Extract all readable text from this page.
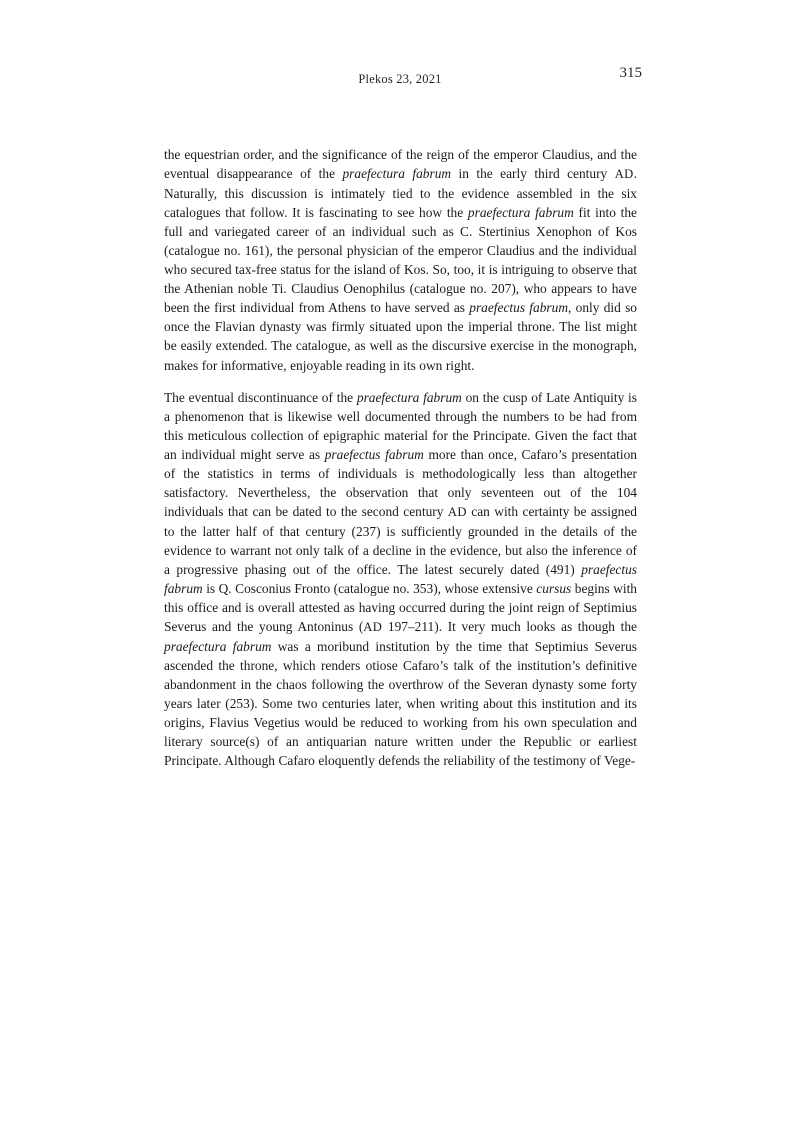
Plekos 23, 2021	315

the equestrian order, and the significance of the reign of the emperor Claudius, and the eventual disappearance of the praefectura fabrum in the early third century AD. Naturally, this discussion is intimately tied to the evidence assembled in the six catalogues that follow. It is fascinating to see how the praefectura fabrum fit into the full and variegated career of an individual such as C. Stertinius Xenophon of Kos (catalogue no. 161), the personal physician of the emperor Claudius and the individual who secured tax-free status for the island of Kos. So, too, it is intriguing to observe that the Athenian noble Ti. Claudius Oenophilus (catalogue no. 207), who appears to have been the first individual from Athens to have served as praefectus fabrum, only did so once the Flavian dynasty was firmly situated upon the imperial throne. The list might be easily extended. The catalogue, as well as the discursive exercise in the monograph, makes for informative, enjoyable reading in its own right.

The eventual discontinuance of the praefectura fabrum on the cusp of Late Antiquity is a phenomenon that is likewise well documented through the numbers to be had from this meticulous collection of epigraphic material for the Principate. Given the fact that an individual might serve as praefectus fabrum more than once, Cafaro’s presentation of the statistics in terms of individuals is methodologically less than altogether satisfactory. Nevertheless, the observation that only seventeen out of the 104 individuals that can be dated to the second century AD can with certainty be assigned to the latter half of that century (237) is sufficiently grounded in the details of the evidence to warrant not only talk of a decline in the evidence, but also the inference of a progressive phasing out of the office. The latest securely dated (491) praefectus fabrum is Q. Cosconius Fronto (catalogue no. 353), whose extensive cursus begins with this office and is overall attested as having occurred during the joint reign of Septimius Severus and the young Antoninus (AD 197–211). It very much looks as though the praefectura fabrum was a moribund institution by the time that Septimius Severus ascended the throne, which renders otiose Cafaro’s talk of the institution’s definitive abandonment in the chaos following the overthrow of the Severan dynasty some forty years later (253). Some two centuries later, when writing about this institution and its origins, Flavius Vegetius would be reduced to working from his own speculation and literary source(s) of an antiquarian nature written under the Republic or earliest Principate. Although Cafaro eloquently defends the reliability of the testimony of Vege-
